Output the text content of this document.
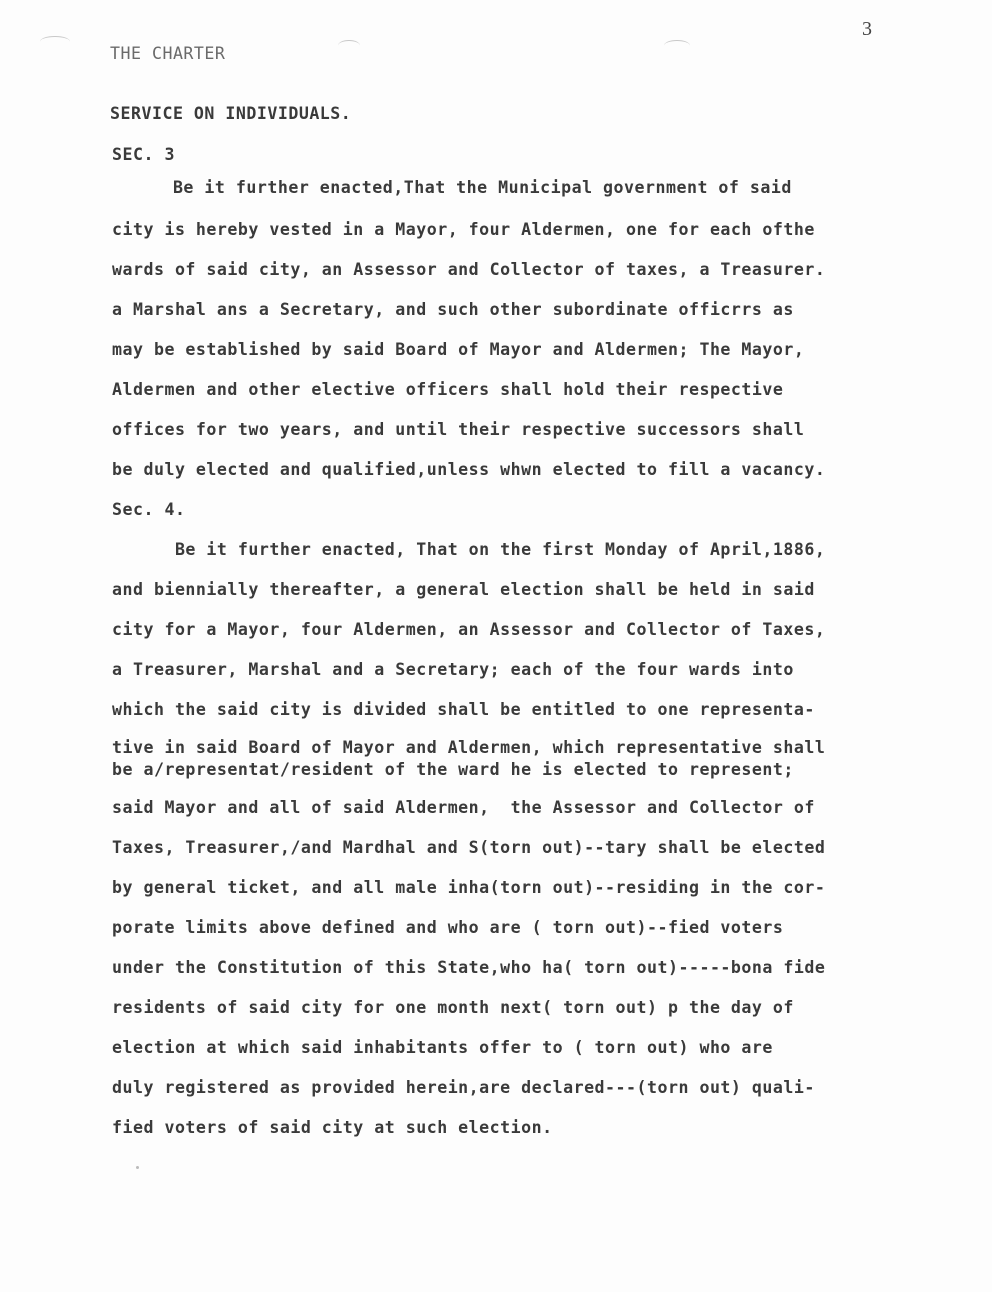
3
THE CHARTER
SERVICE ON INDIVIDUALS.
SEC. 3
Be it further enacted,That the Municipal government of said
city is hereby vested in a Mayor, four Aldermen, one for each ofthe
wards of said city, an Assessor and Collector of taxes, a Treasurer.
a Marshal ans a Secretary, and such other subordinate officrrs as
may be established by said Board of Mayor and Aldermen; The Mayor,
Aldermen and other elective officers shall hold their respective
offices for two years, and until their respective successors shall
be duly elected and qualified,unless whwn elected to fill a vacancy.
Sec. 4.
Be it further enacted, That on the first Monday of April,1886,
and biennially thereafter, a general election shall be held in said
city for a Mayor, four Aldermen, an Assessor and Collector of Taxes,
a Treasurer, Marshal and a Secretary; each of the four wards into
which the said city is divided shall be entitled to one representa-
tive in said Board of Mayor and Aldermen, which representative shall
be a/representat/resident of the ward he is elected to represent;
said Mayor and all of said Aldermen,  the Assessor and Collector of
Taxes, Treasurer,/and Mardhal and S(torn out)--tary shall be elected
by general ticket, and all male inha(torn out)--residing in the cor-
porate limits above defined and who are ( torn out)--fied voters
under the Constitution of this State,who ha( torn out)-----bona fide
residents of said city for one month next( torn out) p the day of
election at which said inhabitants offer to ( torn out) who are
duly registered as provided herein,are declared---(torn out) quali-
fied voters of said city at such election.
